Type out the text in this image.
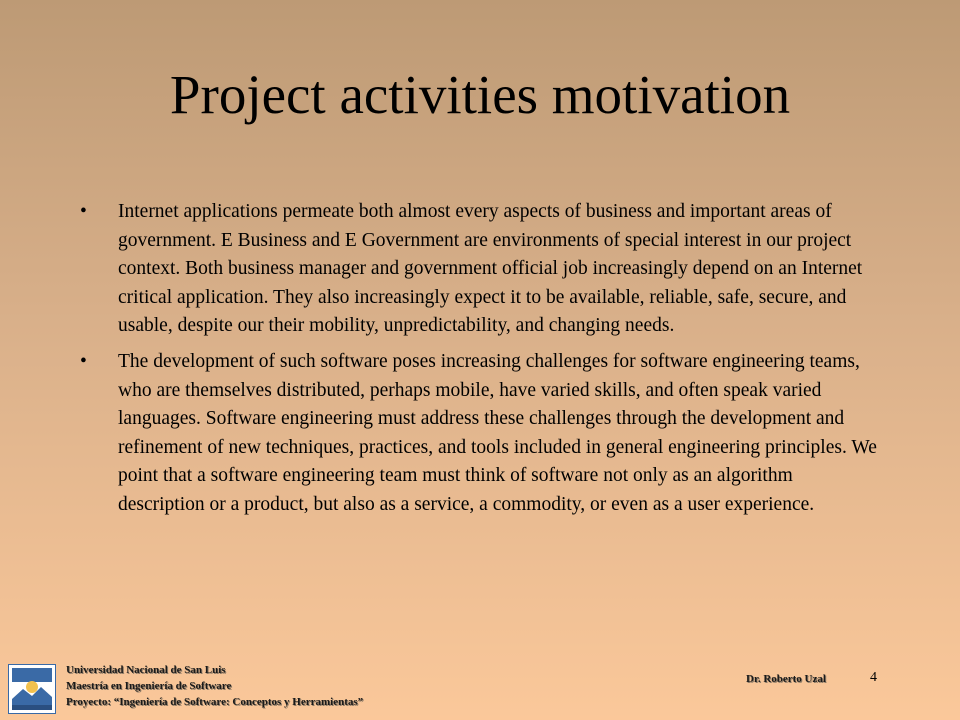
Project activities motivation
• Internet applications permeate both almost every aspects of business and important areas of government. E Business and E Government are environments of special interest in our project context. Both business manager and government official job increasingly depend on an Internet critical application. They also increasingly expect it to be available, reliable, safe, secure, and usable, despite our their mobility, unpredictability, and changing needs.
• The development of such software poses increasing challenges for software engineering teams, who are themselves distributed, perhaps mobile, have varied skills, and often speak varied languages. Software engineering must address these challenges through the development and refinement of new techniques, practices, and tools included in general engineering principles. We point that a software engineering team must think of software not only as an algorithm description or a product, but also as a service, a commodity, or even as a user experience.
Universidad Nacional de San Luis
Maestría en Ingeniería de Software
Proyecto: “Ingeniería de Software: Conceptos y Herramientas”
Dr. Roberto Uzal	4
